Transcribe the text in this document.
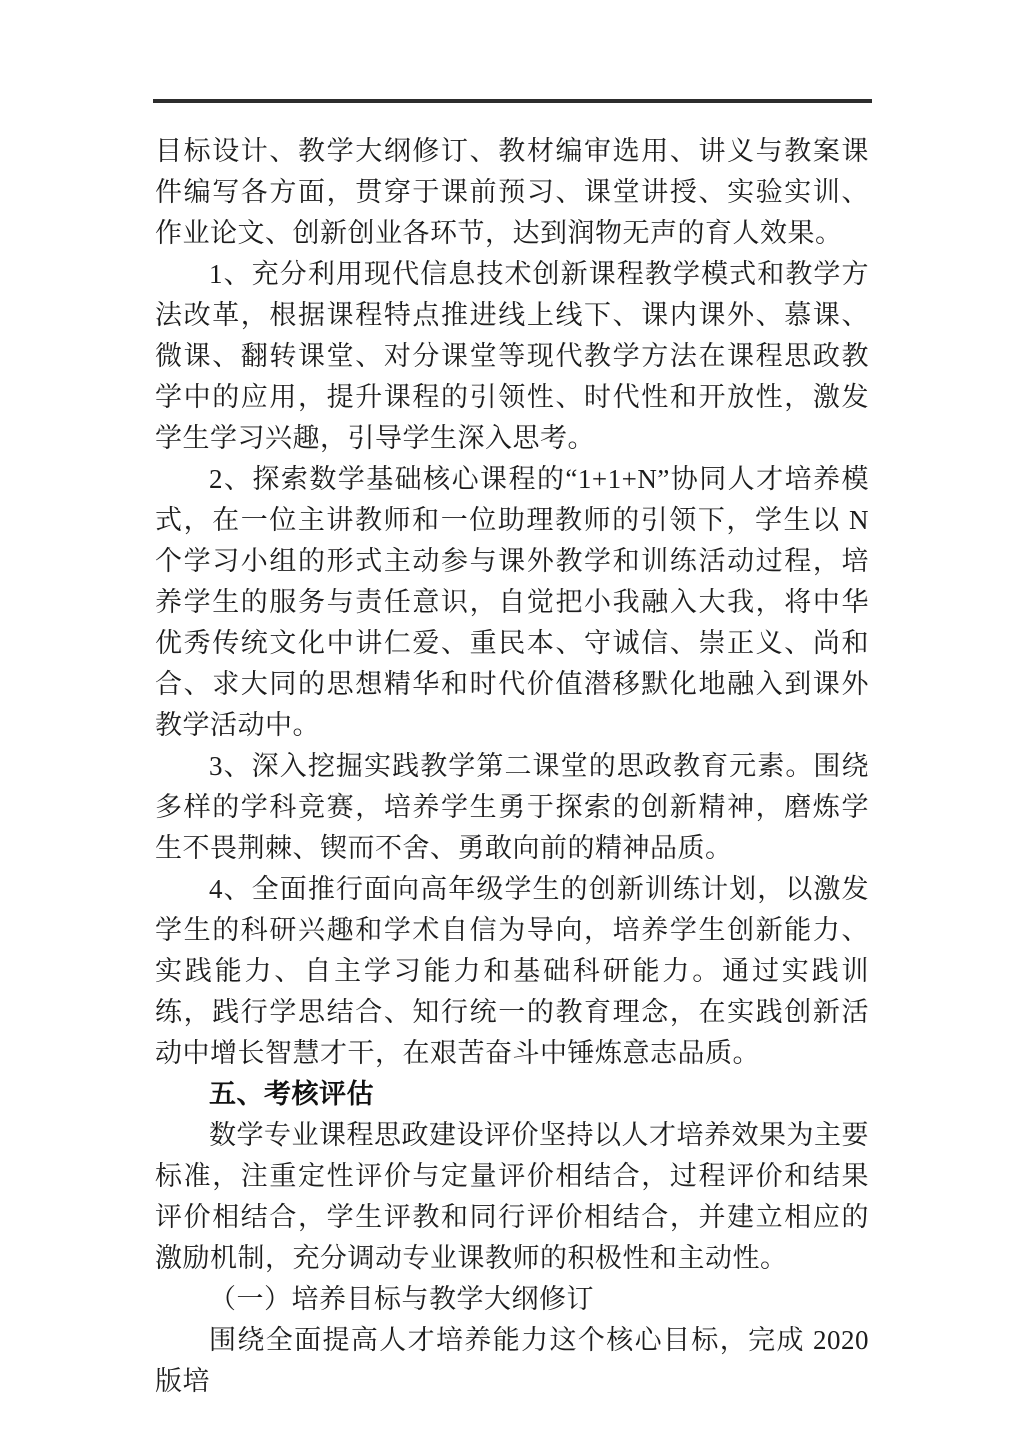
目标设计、教学大纲修订、教材编审选用、讲义与教案课件编写各方面，贯穿于课前预习、课堂讲授、实验实训、作业论文、创新创业各环节，达到润物无声的育人效果。

1、充分利用现代信息技术创新课程教学模式和教学方法改革，根据课程特点推进线上线下、课内课外、慕课、微课、翻转课堂、对分课堂等现代教学方法在课程思政教学中的应用，提升课程的引领性、时代性和开放性，激发学生学习兴趣，引导学生深入思考。

2、探索数学基础核心课程的“1+1+N”协同人才培养模式，在一位主讲教师和一位助理教师的引领下，学生以 N 个学习小组的形式主动参与课外教学和训练活动过程，培养学生的服务与责任意识，自觉把小我融入大我，将中华优秀传统文化中讲仁爱、重民本、守诚信、崇正义、尚和合、求大同的思想精华和时代价值潜移默化地融入到课外教学活动中。

3、深入挖掘实践教学第二课堂的思政教育元素。围绕多样的学科竞赛，培养学生勇于探索的创新精神，磨炼学生不畏荆棘、锲而不舍、勇敢向前的精神品质。

4、全面推行面向高年级学生的创新训练计划，以激发学生的科研兴趣和学术自信为导向，培养学生创新能力、实践能力、自主学习能力和基础科研能力。通过实践训练，践行学思结合、知行统一的教育理念，在实践创新活动中增长智慧才干，在艰苦奋斗中锤炼意志品质。

五、考核评估

数学专业课程思政建设评价坚持以人才培养效果为主要标准，注重定性评价与定量评价相结合，过程评价和结果评价相结合，学生评教和同行评价相结合，并建立相应的激励机制，充分调动专业课教师的积极性和主动性。

（一）培养目标与教学大纲修订

围绕全面提高人才培养能力这个核心目标，完成 2020 版培
